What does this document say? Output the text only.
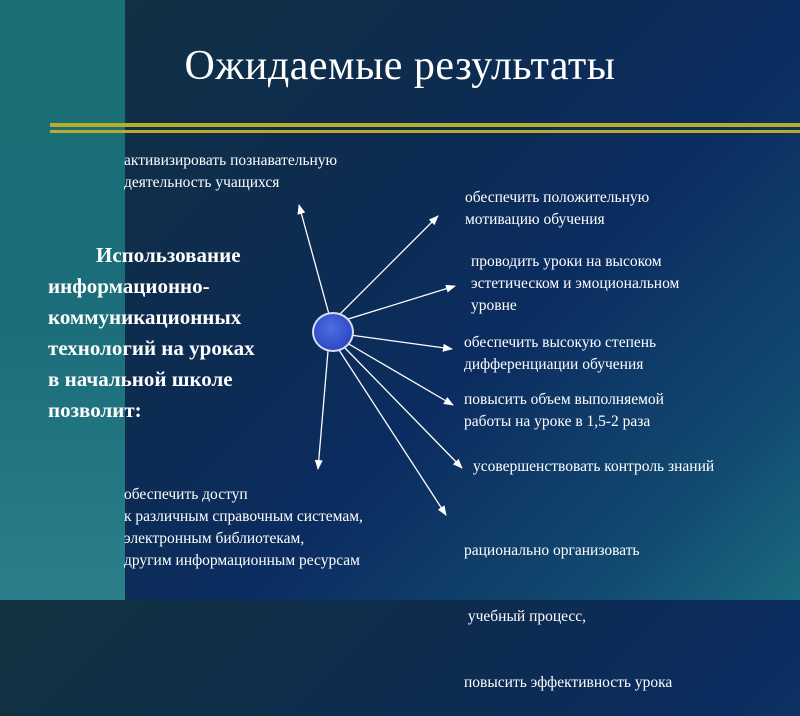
Ожидаемые результаты
Использование
информационно-
коммуникационных
технологий на уроках
в начальной школе
позволит:
активизировать познавательную
деятельность учащихся
обеспечить положительную
мотивацию обучения
проводить уроки на высоком
эстетическом и эмоциональном
уровне
обеспечить высокую степень
дифференциации обучения
повысить объем выполняемой
работы на уроке в 1,5-2 раза
усовершенствовать контроль знаний

рационально организовать

учебный процесс,

повысить эффективность урока

обеспечить доступ
к различным справочным системам,
электронным библиотекам,
другим информационным ресурсам
